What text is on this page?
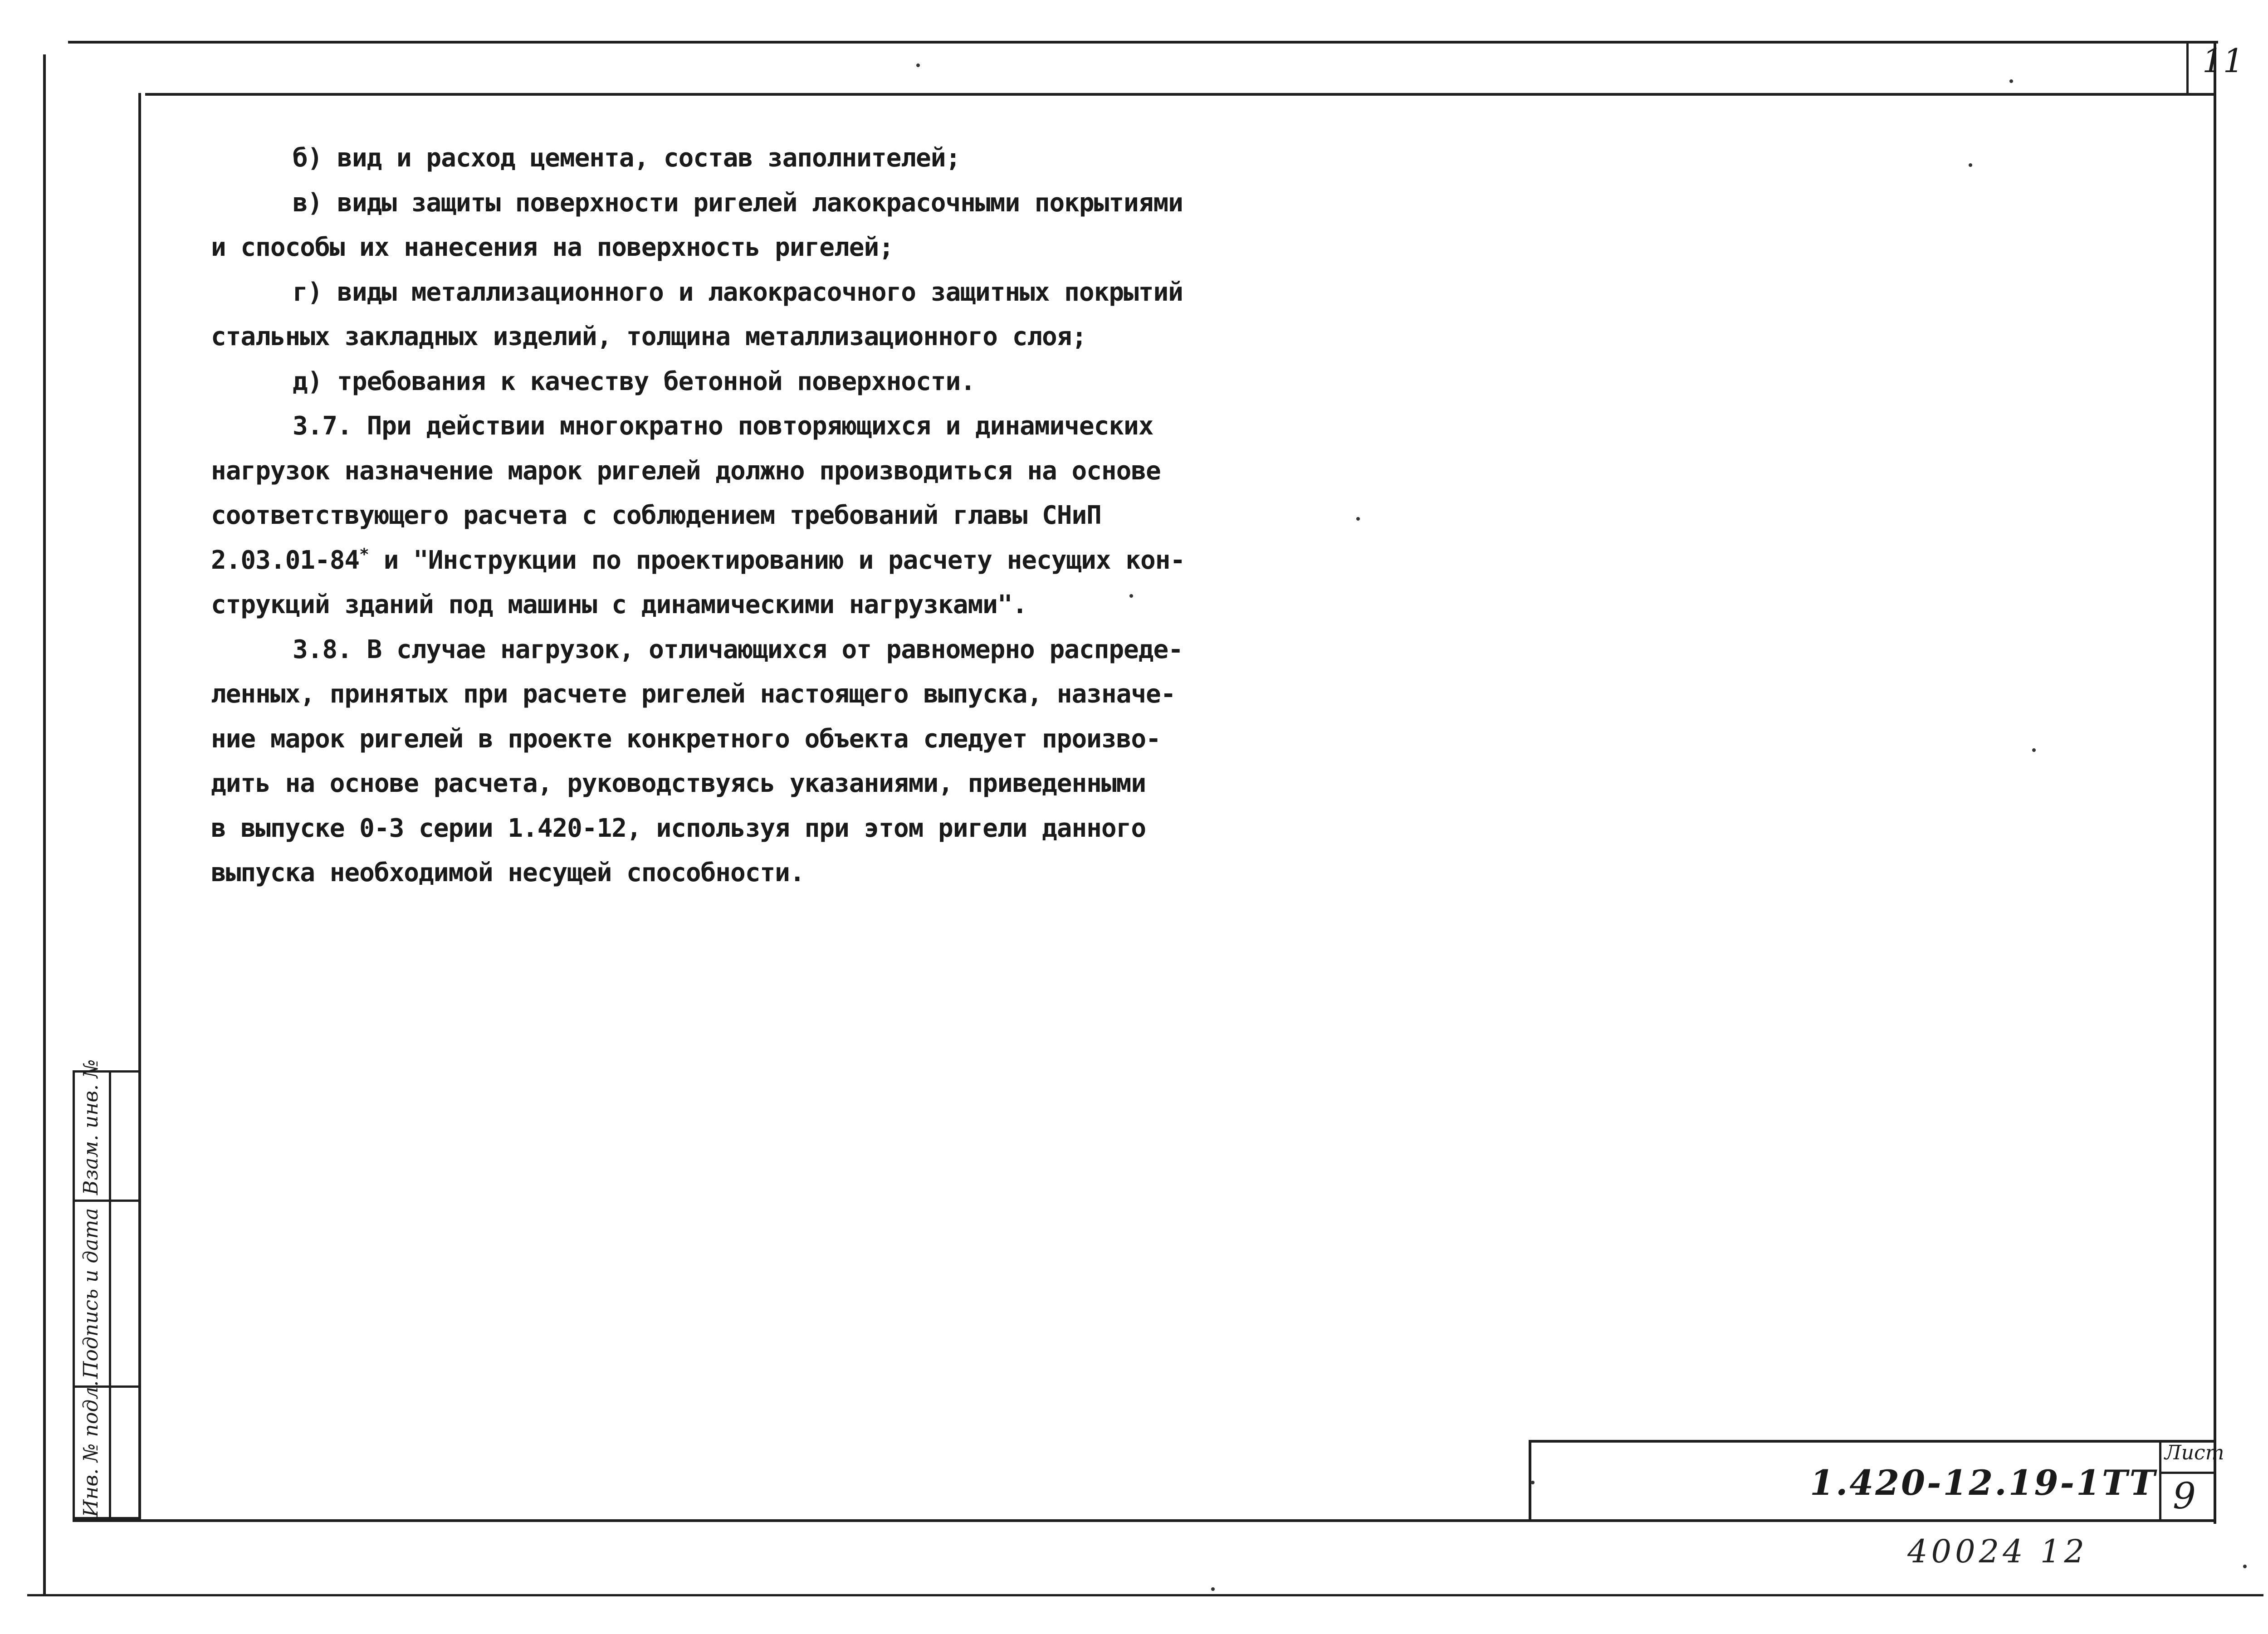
11

б) вид и расход цемента, состав заполнителей;

в) виды защиты поверхности ригелей лакокрасочными покрытиями

и способы их нанесения на поверхность ригелей;

г) виды металлизационного и лакокрасочного защитных покрытий

стальных закладных изделий, толщина металлизационного слоя;

д) требования к качеству бетонной поверхности.

3.7. При действии многократно повторяющихся и динамических

нагрузок назначение марок ригелей должно производиться на основе

соответствующего расчета с соблюдением требований главы СНиП

2.03.01-84* и "Инструкции по проектированию и расчету несущих кон-

струкций зданий под машины с динамическими нагрузками".

3.8. В случае нагрузок, отличающихся от равномерно распреде-

ленных, принятых при расчете ригелей настоящего выпуска, назначе-

ние марок ригелей в проекте конкретного объекта следует произво-

дить на основе расчета, руководствуясь указаниями, приведенными

в выпуске 0-3 серии 1.420-12, используя при этом ригели данного

выпуска необходимой несущей способности.

Инв. № подл.
Подпись и дата
Взам. инв. №
1.420-12.19-1ТТ
Лист
9
40024 12
